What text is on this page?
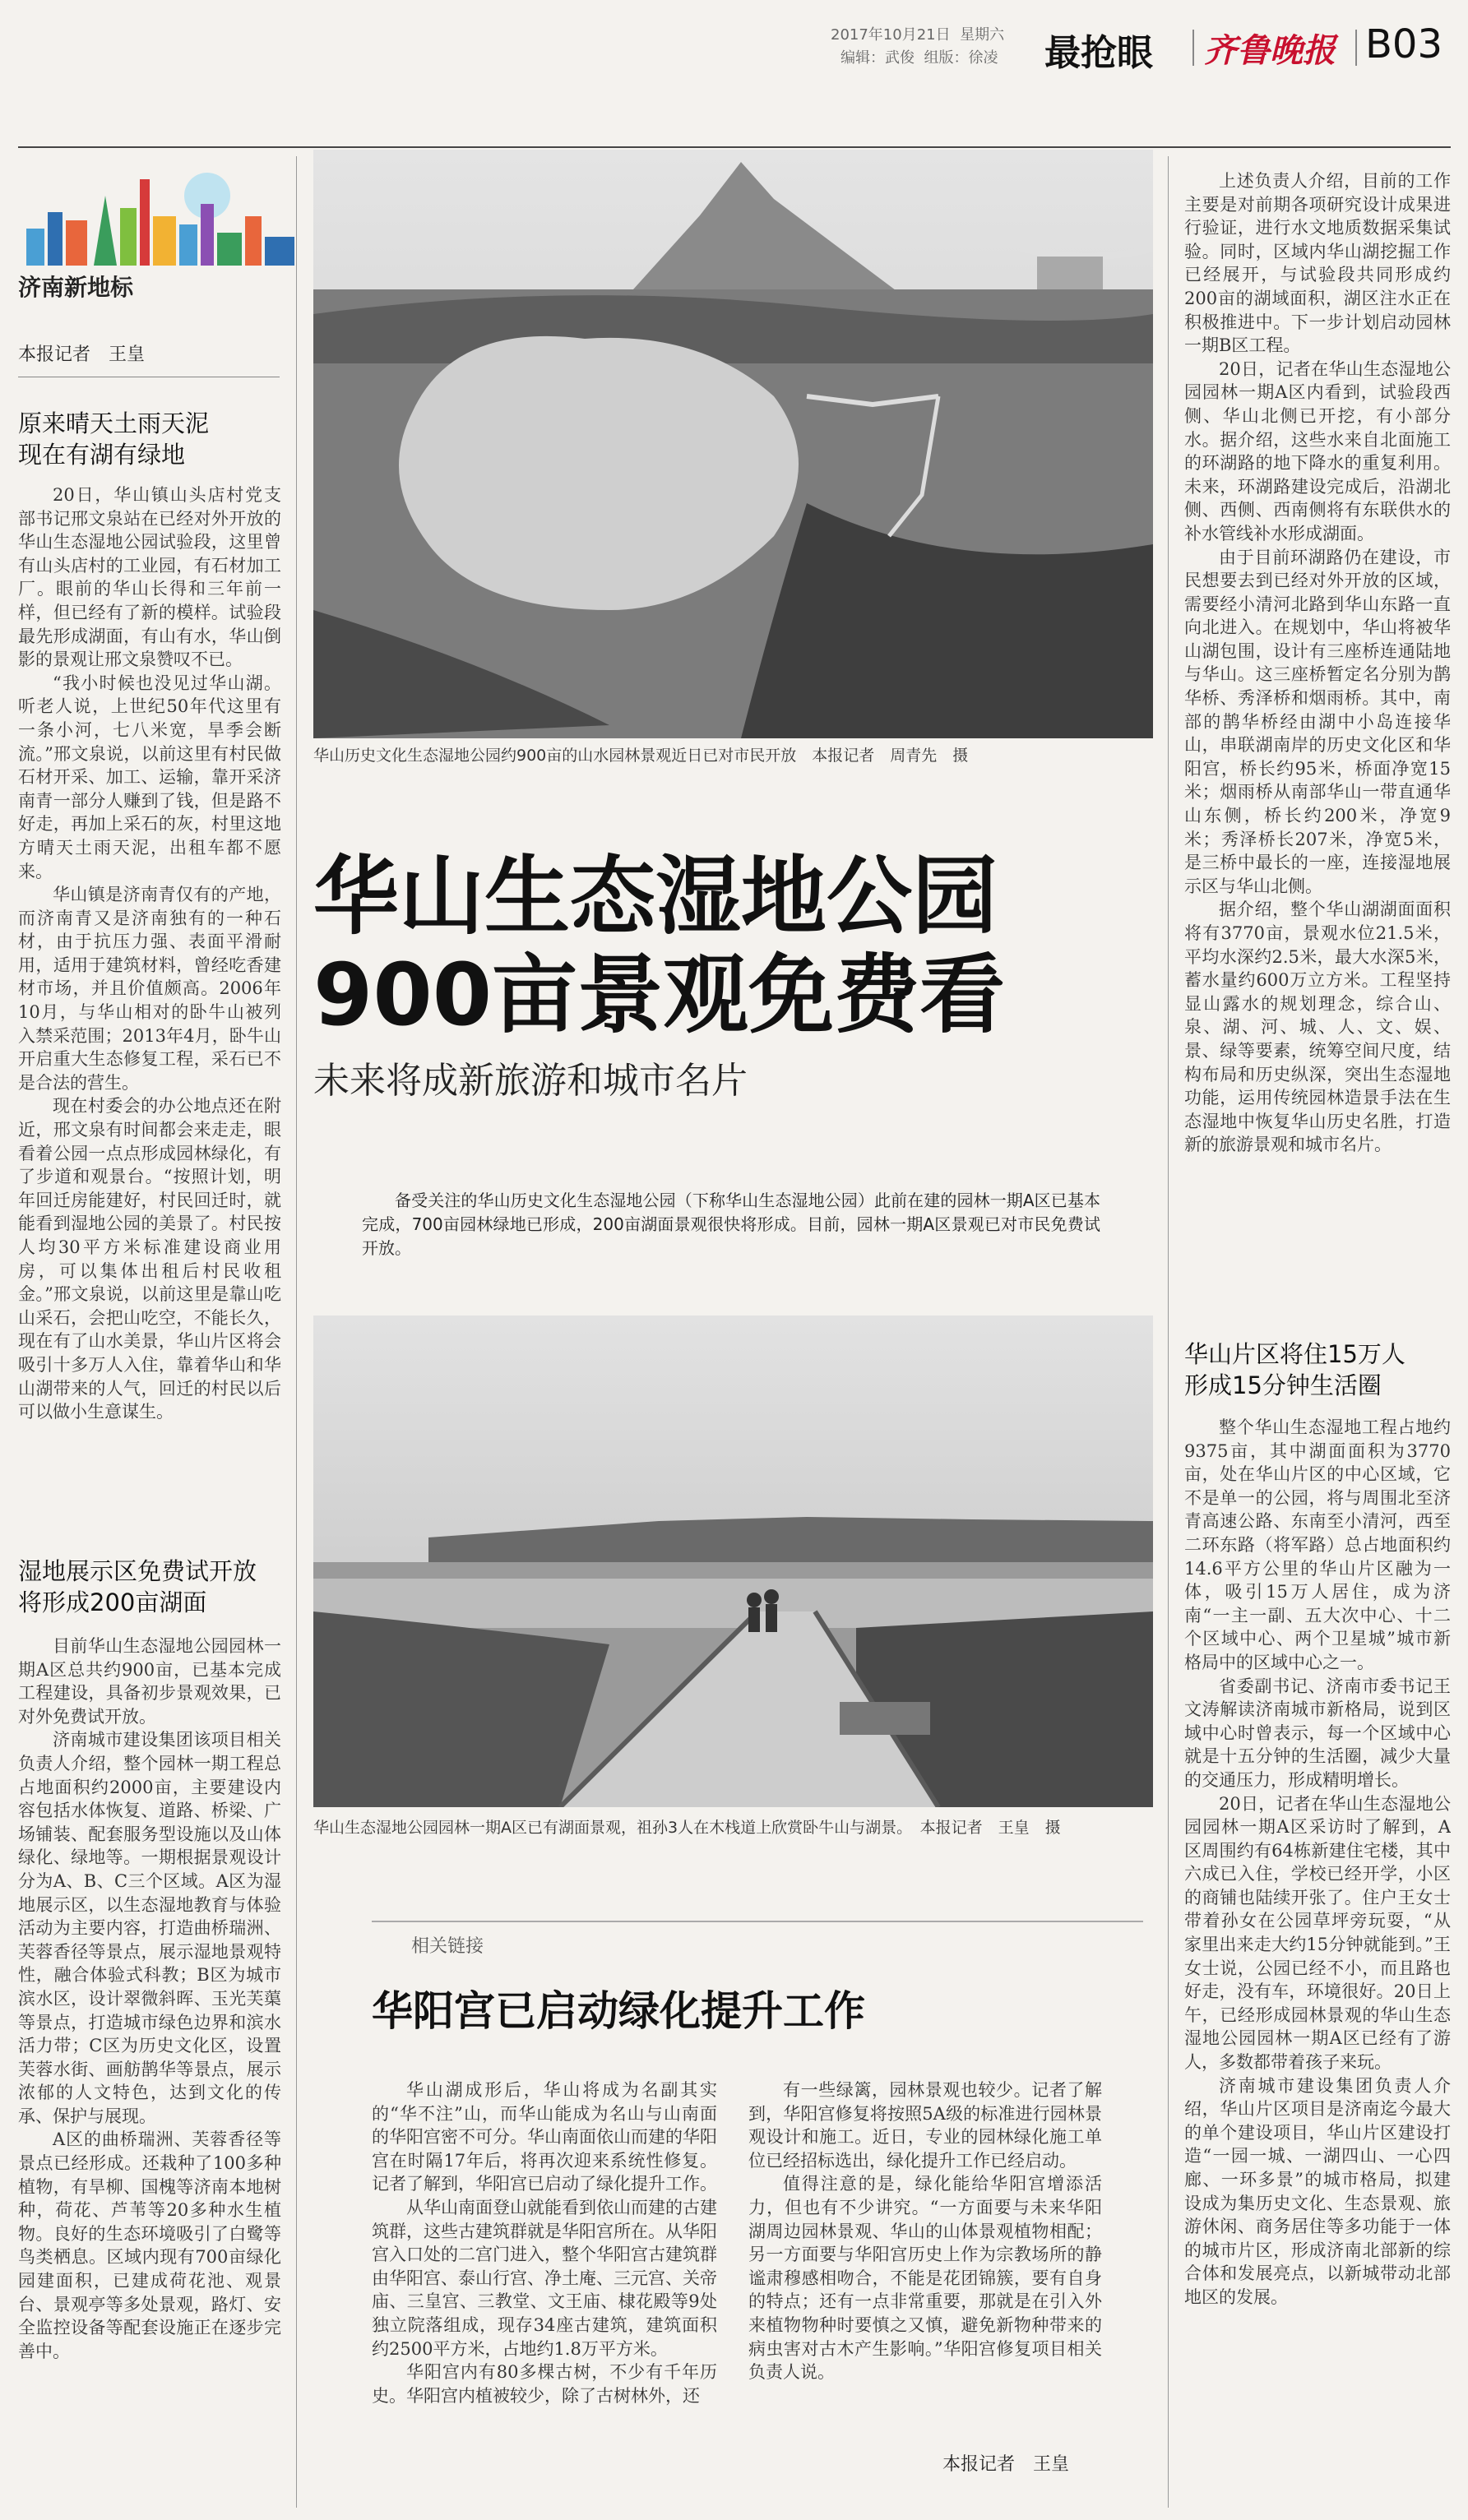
2017年10月21日 星期六
编辑：武俊 组版：徐凌 最抢眼 齐鲁晚报 B03
济南新地标
本报记者　王皇
原来晴天土雨天泥
现在有湖有绿地

20日，华山镇山头店村党支部书记邢文泉站在已经对外开放的华山生态湿地公园试验段，这里曾有山头店村的工业园，有石材加工厂。眼前的华山长得和三年前一样，但已经有了新的模样。试验段最先形成湖面，有山有水，华山倒影的景观让邢文泉赞叹不已。

“我小时候也没见过华山湖。听老人说，上世纪50年代这里有一条小河，七八米宽，旱季会断流。”邢文泉说，以前这里有村民做石材开采、加工、运输，靠开采济南青一部分人赚到了钱，但是路不好走，再加上采石的灰，村里这地方晴天土雨天泥，出租车都不愿来。

华山镇是济南青仅有的产地，而济南青又是济南独有的一种石材，由于抗压力强、表面平滑耐用，适用于建筑材料，曾经吃香建材市场，并且价值颇高。2006年10月，与华山相对的卧牛山被列入禁采范围；2013年4月，卧牛山开启重大生态修复工程，采石已不是合法的营生。

现在村委会的办公地点还在附近，邢文泉有时间都会来走走，眼看着公园一点点形成园林绿化，有了步道和观景台。“按照计划，明年回迁房能建好，村民回迁时，就能看到湿地公园的美景了。村民按人均30平方米标准建设商业用房，可以集体出租后村民收租金。”邢文泉说，以前这里是靠山吃山采石，会把山吃空，不能长久，现在有了山水美景，华山片区将会吸引十多万人入住，靠着华山和华山湖带来的人气，回迁的村民以后可以做小生意谋生。

湿地展示区免费试开放
将形成200亩湖面

目前华山生态湿地公园园林一期A区总共约900亩，已基本完成工程建设，具备初步景观效果，已对外免费试开放。

济南城市建设集团该项目相关负责人介绍，整个园林一期工程总占地面积约2000亩，主要建设内容包括水体恢复、道路、桥梁、广场铺装、配套服务型设施以及山体绿化、绿地等。一期根据景观设计分为A、B、C三个区域。A区为湿地展示区，以生态湿地教育与体验活动为主要内容，打造曲桥瑞洲、芙蓉香径等景点，展示湿地景观特性，融合体验式科教；B区为城市滨水区，设计翠微斜晖、玉光芙蕖等景点，打造城市绿色边界和滨水活力带；C区为历史文化区，设置芙蓉水街、画舫鹊华等景点，展示浓郁的人文特色，达到文化的传承、保护与展现。

A区的曲桥瑞洲、芙蓉香径等景点已经形成。还栽种了100多种植物，有旱柳、国槐等济南本地树种，荷花、芦苇等20多种水生植物。良好的生态环境吸引了白鹭等鸟类栖息。区域内现有700亩绿化园建面积，已建成荷花池、观景台、景观亭等多处景观，路灯、安全监控设备等配套设施正在逐步完善中。

华山历史文化生态湿地公园约900亩的山水园林景观近日已对市民开放　本报记者　周青先　摄
华山生态湿地公园
900亩景观免费看
未来将成新旅游和城市名片
备受关注的华山历史文化生态湿地公园（下称华山生态湿地公园）此前在建的园林一期A区已基本完成，700亩园林绿地已形成，200亩湖面景观很快将形成。目前，园林一期A区景观已对市民免费试开放。
华山生态湿地公园园林一期A区已有湖面景观，祖孙3人在木栈道上欣赏卧牛山与湖景。　本报记者　王皇　摄
相关链接
华阳宫已启动绿化提升工作

华山湖成形后，华山将成为名副其实的“华不注”山，而华山能成为名山与山南面的华阳宫密不可分。华山南面依山而建的华阳宫在时隔17年后，将再次迎来系统性修复。记者了解到，华阳宫已启动了绿化提升工作。

从华山南面登山就能看到依山而建的古建筑群，这些古建筑群就是华阳宫所在。从华阳宫入口处的二宫门进入，整个华阳宫古建筑群由华阳宫、泰山行宫、净土庵、三元宫、关帝庙、三皇宫、三教堂、文王庙、棣花殿等9处独立院落组成，现存34座古建筑，建筑面积约2500平方米，占地约1.8万平方米。

华阳宫内有80多棵古树，不少有千年历史。华阳宫内植被较少，除了古树林外，还

有一些绿篱，园林景观也较少。记者了解到，华阳宫修复将按照5A级的标准进行园林景观设计和施工。近日，专业的园林绿化施工单位已经招标选出，绿化提升工作已经启动。

值得注意的是，绿化能给华阳宫增添活力，但也有不少讲究。“一方面要与未来华阳湖周边园林景观、华山的山体景观植物相配；另一方面要与华阳宫历史上作为宗教场所的静谧肃穆感相吻合，不能是花团锦簇，要有自身的特点；还有一点非常重要，那就是在引入外来植物物种时要慎之又慎，避免新物种带来的病虫害对古木产生影响。”华阳宫修复项目相关负责人说。

本报记者　王皇

上述负责人介绍，目前的工作主要是对前期各项研究设计成果进行验证，进行水文地质数据采集试验。同时，区域内华山湖挖掘工作已经展开，与试验段共同形成约200亩的湖域面积，湖区注水正在积极推进中。下一步计划启动园林一期B区工程。

20日，记者在华山生态湿地公园园林一期A区内看到，试验段西侧、华山北侧已开挖，有小部分水。据介绍，这些水来自北面施工的环湖路的地下降水的重复利用。未来，环湖路建设完成后，沿湖北侧、西侧、西南侧将有东联供水的补水管线补水形成湖面。

由于目前环湖路仍在建设，市民想要去到已经对外开放的区域，需要经小清河北路到华山东路一直向北进入。在规划中，华山将被华山湖包围，设计有三座桥连通陆地与华山。这三座桥暂定名分别为鹊华桥、秀泽桥和烟雨桥。其中，南部的鹊华桥经由湖中小岛连接华山，串联湖南岸的历史文化区和华阳宫，桥长约95米，桥面净宽15米；烟雨桥从南部华山一带直通华山东侧，桥长约200米，净宽9米；秀泽桥长207米，净宽5米，是三桥中最长的一座，连接湿地展示区与华山北侧。

据介绍，整个华山湖湖面面积将有3770亩，景观水位21.5米，平均水深约2.5米，最大水深5米，蓄水量约600万立方米。工程坚持显山露水的规划理念，综合山、泉、湖、河、城、人、文、娱、景、绿等要素，统筹空间尺度，结构布局和历史纵深，突出生态湿地功能，运用传统园林造景手法在生态湿地中恢复华山历史名胜，打造新的旅游景观和城市名片。

华山片区将住15万人
形成15分钟生活圈

整个华山生态湿地工程占地约9375亩，其中湖面面积为3770亩，处在华山片区的中心区域，它不是单一的公园，将与周围北至济青高速公路、东南至小清河，西至二环东路（将军路）总占地面积约14.6平方公里的华山片区融为一体，吸引15万人居住，成为济南“一主一副、五大次中心、十二个区域中心、两个卫星城”城市新格局中的区域中心之一。

省委副书记、济南市委书记王文涛解读济南城市新格局，说到区域中心时曾表示，每一个区域中心就是十五分钟的生活圈，减少大量的交通压力，形成精明增长。

20日，记者在华山生态湿地公园园林一期A区采访时了解到，A区周围约有64栋新建住宅楼，其中六成已入住，学校已经开学，小区的商铺也陆续开张了。住户王女士带着孙女在公园草坪旁玩耍，“从家里出来走大约15分钟就能到。”王女士说，公园已经不小，而且路也好走，没有车，环境很好。20日上午，已经形成园林景观的华山生态湿地公园园林一期A区已经有了游人，多数都带着孩子来玩。

济南城市建设集团负责人介绍，华山片区项目是济南迄今最大的单个建设项目，华山片区建设打造“一园一城、一湖四山、一心四廊、一环多景”的城市格局，拟建设成为集历史文化、生态景观、旅游休闲、商务居住等多功能于一体的城市片区，形成济南北部新的综合体和发展亮点，以新城带动北部地区的发展。
